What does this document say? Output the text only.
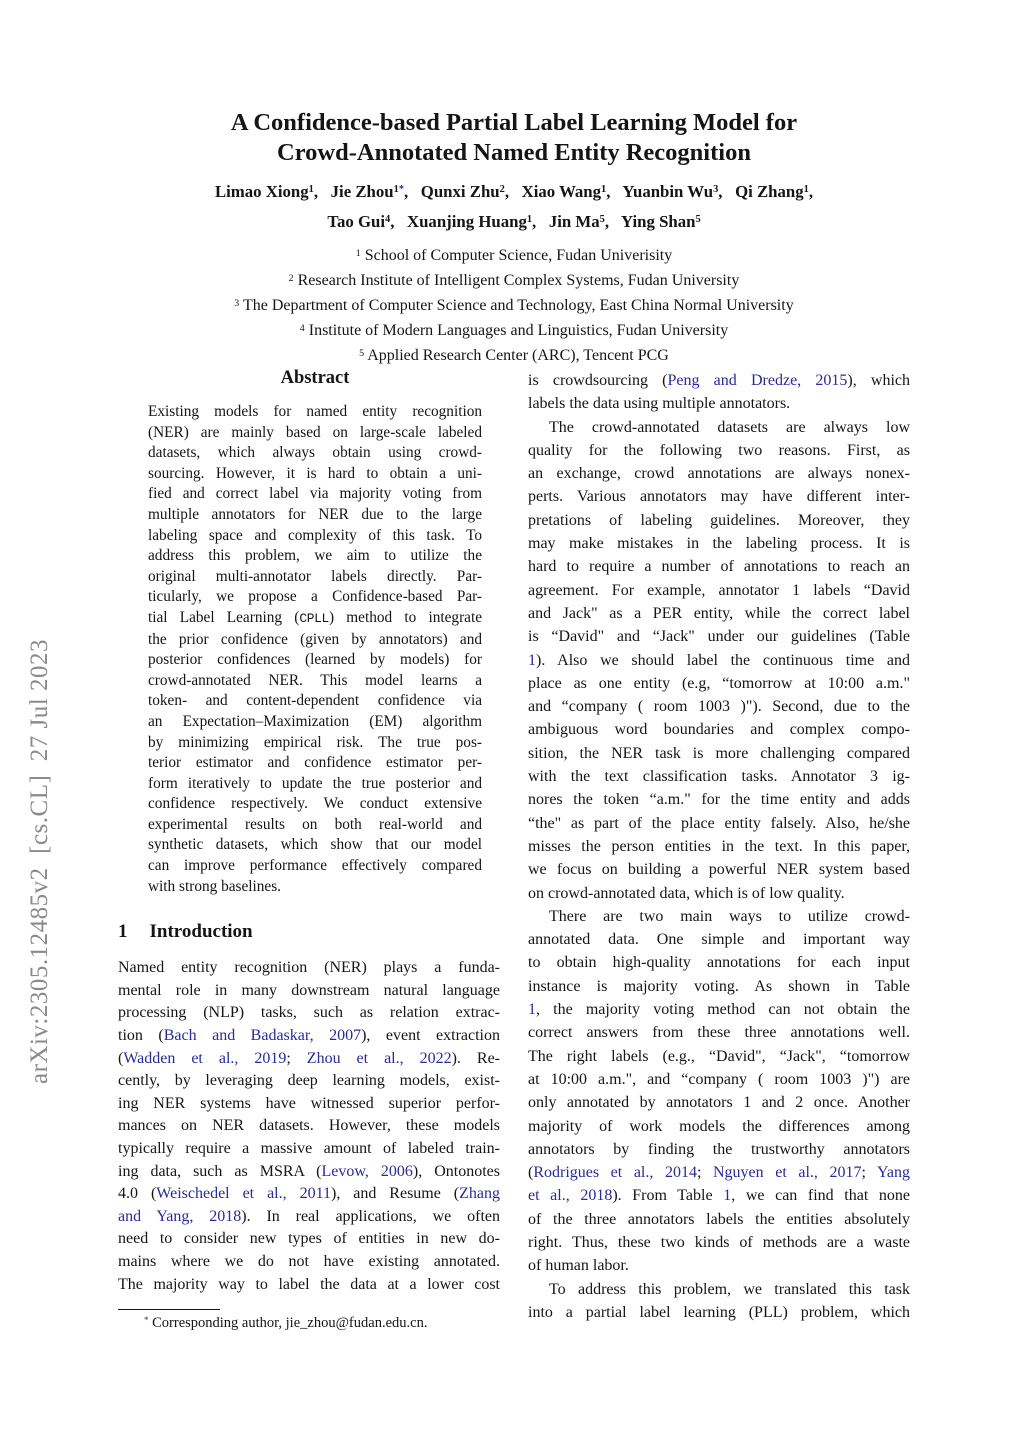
arXiv:2305.12485v2  [cs.CL]  27 Jul 2023
A Confidence-based Partial Label Learning Model for
Crowd-Annotated Named Entity Recognition
Limao Xiong$^1$,   Jie Zhou$^{1*}$,   Qunxi Zhu$^2$,   Xiao Wang$^1$,   Yuanbin Wu$^3$,   Qi Zhang$^1$,
Tao Gui$^4$,   Xuanjing Huang$^1$,   Jin Ma$^5$,   Ying Shan$^5$
$^1$ School of Computer Science, Fudan Univerisity
$^2$ Research Institute of Intelligent Complex Systems, Fudan University
$^3$ The Department of Computer Science and Technology, East China Normal University
$^4$ Institute of Modern Languages and Linguistics, Fudan University
$^5$ Applied Research Center (ARC), Tencent PCG
Abstract
Existing models for named entity recognition
(NER) are mainly based on large-scale labeled
datasets, which always obtain using crowd-
sourcing. However, it is hard to obtain a uni-
fied and correct label via majority voting from
multiple annotators for NER due to the large
labeling space and complexity of this task. To
address this problem, we aim to utilize the
original multi-annotator labels directly. Par-
ticularly, we propose a Confidence-based Par-
tial Label Learning (CPLL) method to integrate
the prior confidence (given by annotators) and
posterior confidences (learned by models) for
crowd-annotated NER. This model learns a
token- and content-dependent confidence via
an Expectation–Maximization (EM) algorithm
by minimizing empirical risk. The true pos-
terior estimator and confidence estimator per-
form iteratively to update the true posterior and
confidence respectively. We conduct extensive
experimental results on both real-world and
synthetic datasets, which show that our model
can improve performance effectively compared
with strong baselines.
1 Introduction
Named entity recognition (NER) plays a funda-
mental role in many downstream natural language
processing (NLP) tasks, such as relation extrac-
tion (Bach and Badaskar, 2007), event extraction
(Wadden et al., 2019; Zhou et al., 2022). Re-
cently, by leveraging deep learning models, exist-
ing NER systems have witnessed superior perfor-
mances on NER datasets. However, these models
typically require a massive amount of labeled train-
ing data, such as MSRA (Levow, 2006), Ontonotes
4.0 (Weischedel et al., 2011), and Resume (Zhang
and Yang, 2018). In real applications, we often
need to consider new types of entities in new do-
mains where we do not have existing annotated.
The majority way to label the data at a lower cost
* Corresponding author, jie_zhou@fudan.edu.cn.
is crowdsourcing (Peng and Dredze, 2015), which
labels the data using multiple annotators.
The crowd-annotated datasets are always low
quality for the following two reasons. First, as
an exchange, crowd annotations are always nonex-
perts. Various annotators may have different inter-
pretations of labeling guidelines. Moreover, they
may make mistakes in the labeling process. It is
hard to require a number of annotations to reach an
agreement. For example, annotator 1 labels “David
and Jack" as a PER entity, while the correct label
is “David" and “Jack" under our guidelines (Table
1). Also we should label the continuous time and
place as one entity (e.g, “tomorrow at 10:00 a.m."
and “company ( room 1003 )"). Second, due to the
ambiguous word boundaries and complex compo-
sition, the NER task is more challenging compared
with the text classification tasks. Annotator 3 ig-
nores the token “a.m." for the time entity and adds
“the" as part of the place entity falsely. Also, he/she
misses the person entities in the text. In this paper,
we focus on building a powerful NER system based
on crowd-annotated data, which is of low quality.
There are two main ways to utilize crowd-
annotated data. One simple and important way
to obtain high-quality annotations for each input
instance is majority voting. As shown in Table
1, the majority voting method can not obtain the
correct answers from these three annotations well.
The right labels (e.g., “David", “Jack", “tomorrow
at 10:00 a.m.", and “company ( room 1003 )") are
only annotated by annotators 1 and 2 once. Another
majority of work models the differences among
annotators by finding the trustworthy annotators
(Rodrigues et al., 2014; Nguyen et al., 2017; Yang
et al., 2018). From Table 1, we can find that none
of the three annotators labels the entities absolutely
right. Thus, these two kinds of methods are a waste
of human labor.
To address this problem, we translated this task
into a partial label learning (PLL) problem, which
